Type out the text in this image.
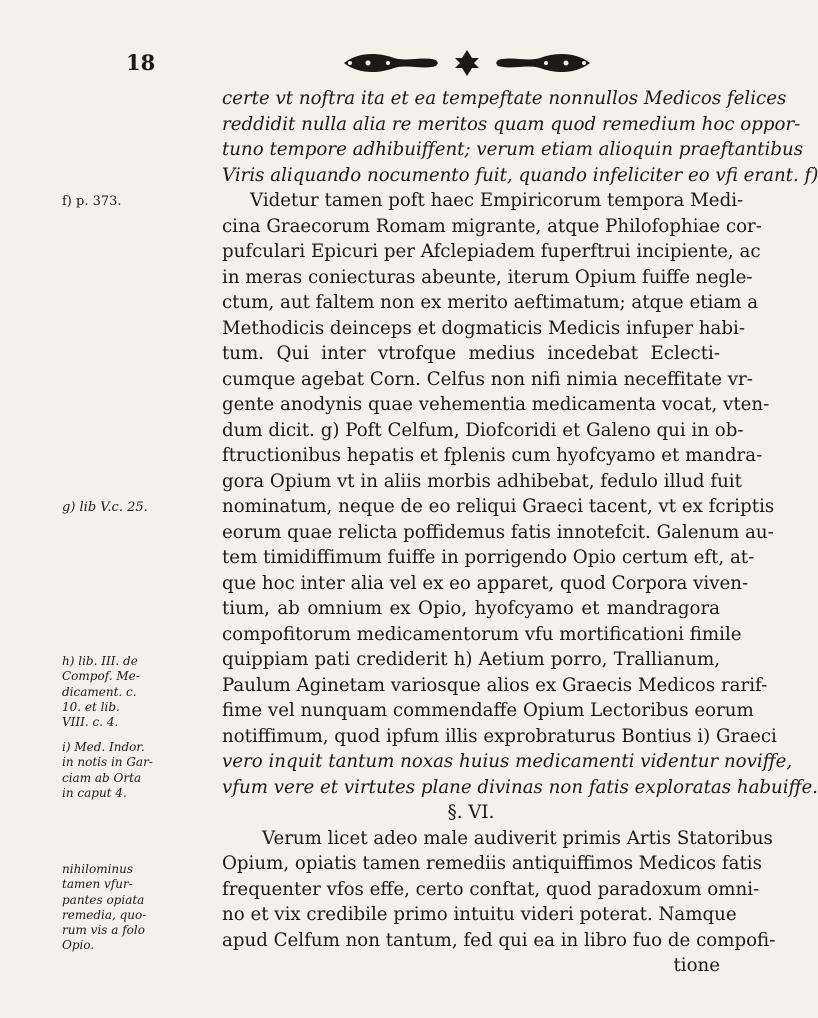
18
f) p. 373.
g) lib V.c. 25.
h) lib. III. de
Compof. Me-
dicament. c.
10. et lib.
VIII. c. 4.
i) Med. Indor.
in notis in Gar-
ciam ab Orta
in caput 4.
nihilominus
tamen vfur-
pantes opiata
remedia, quo-
rum vis a folo
Opio.
certe vt noftra ita et ea tempeftate nonnullos Medicos felices
reddidit nulla alia re meritos quam quod remedium hoc oppor-
tuno tempore adhibuiffent; verum etiam alioquin praeftantibus
Viris aliquando nocumento fuit, quando infeliciter eo vfi erant. f)
Videtur tamen poft haec Empiricorum tempora Medi-
cina Graecorum Romam migrante, atque Philofophiae cor-
pufculari Epicuri per Afclepiadem fuperftrui incipiente, ac
in meras coniecturas abeunte, iterum Opium fuiffe negle-
ctum, aut faltem non ex merito aeftimatum; atque etiam a
Methodicis deinceps et dogmaticis Medicis infuper habi-
tum. Qui inter vtrofque medius incedebat Eclecti-
cumque agebat Corn. Celfus non nifi nimia neceffitate vr-
gente anodynis quae vehementia medicamenta vocat, vten-
dum dicit. g) Poft Celfum, Diofcoridi et Galeno qui in ob-
ftructionibus hepatis et fplenis cum hyofcyamo et mandra-
gora Opium vt in aliis morbis adhibebat, fedulo illud fuit
nominatum, neque de eo reliqui Graeci tacent, vt ex fcriptis
eorum quae relicta poffidemus fatis innotefcit. Galenum au-
tem timidiffimum fuiffe in porrigendo Opio certum eft, at-
que hoc inter alia vel ex eo apparet, quod Corpora viven-
tium, ab omnium ex Opio, hyofcyamo et mandragora
compofitorum medicamentorum vfu mortificationi fimile
quippiam pati crediderit h) Aetium porro, Trallianum,
Paulum Aginetam variosque alios ex Graecis Medicos rarif-
fime vel nunquam commendaffe Opium Lectoribus eorum
notiffimum, quod ipfum illis exprobraturus Bontius i) Graeci
vero inquit tantum noxas huius medicamenti videntur noviffe,
vfum vere et virtutes plane divinas non fatis exploratas habuiffe.
§. VI.
Verum licet adeo male audiverit primis Artis Statoribus
Opium, opiatis tamen remediis antiquiffimos Medicos fatis
frequenter vfos effe, certo conftat, quod paradoxum omni-
no et vix credibile primo intuitu videri poterat. Namque
apud Celfum non tantum, fed qui ea in libro fuo de compofi-
tione
